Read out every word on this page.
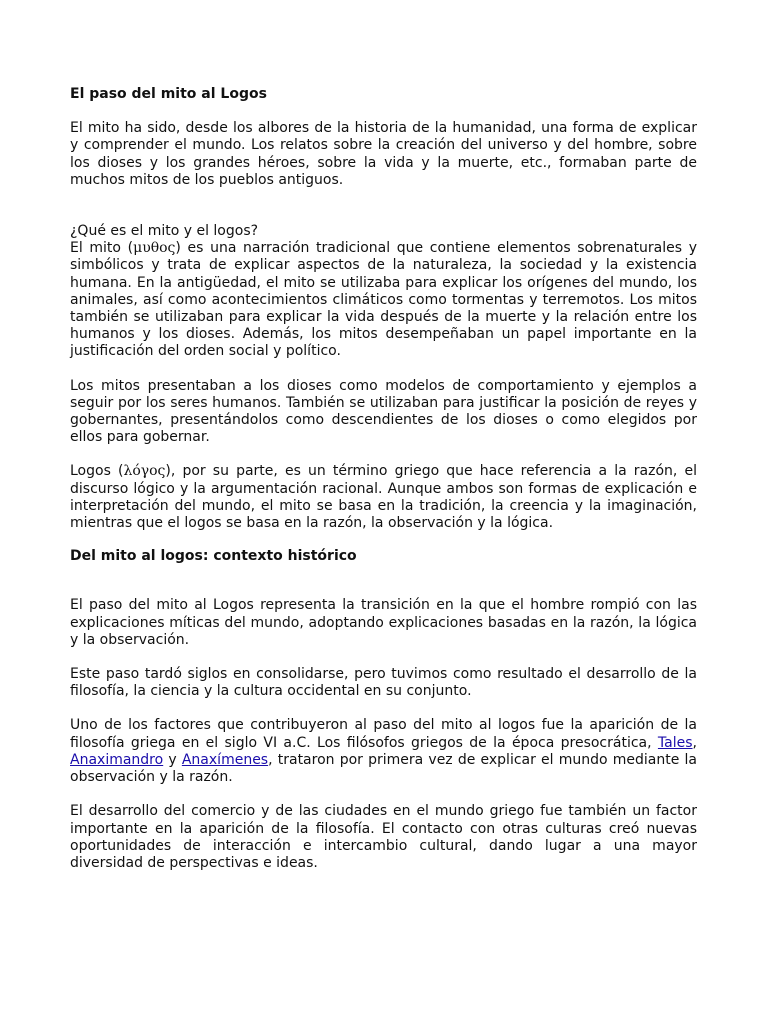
El paso del mito al Logos

El mito ha sido, desde los albores de la historia de la humanidad, una forma de explicar y comprender el mundo. Los relatos sobre la creación del universo y del hombre, sobre los dioses y los grandes héroes, sobre la vida y la muerte, etc., formaban parte de muchos mitos de los pueblos antiguos.

¿Qué es el mito y el logos?

El mito (μυθος) es una narración tradicional que contiene elementos sobrenaturales y simbólicos y trata de explicar aspectos de la naturaleza, la sociedad y la existencia humana. En la antigüedad, el mito se utilizaba para explicar los orígenes del mundo, los animales, así como acontecimientos climáticos como tormentas y terremotos. Los mitos también se utilizaban para explicar la vida después de la muerte y la relación entre los humanos y los dioses. Además, los mitos desempeñaban un papel importante en la justificación del orden social y político.

Los mitos presentaban a los dioses como modelos de comportamiento y ejemplos a seguir por los seres humanos. También se utilizaban para justificar la posición de reyes y gobernantes, presentándolos como descendientes de los dioses o como elegidos por ellos para gobernar.

Logos (λόγος), por su parte, es un término griego que hace referencia a la razón, el discurso lógico y la argumentación racional. Aunque ambos son formas de explicación e interpretación del mundo, el mito se basa en la tradición, la creencia y la imaginación, mientras que el logos se basa en la razón, la observación y la lógica.

Del mito al logos: contexto histórico

El paso del mito al Logos representa la transición en la que el hombre rompió con las explicaciones míticas del mundo, adoptando explicaciones basadas en la razón, la lógica y la observación.

Este paso tardó siglos en consolidarse, pero tuvimos como resultado el desarrollo de la filosofía, la ciencia y la cultura occidental en su conjunto.

Uno de los factores que contribuyeron al paso del mito al logos fue la aparición de la filosofía griega en el siglo VI a.C. Los filósofos griegos de la época presocrática, Tales, Anaximandro y Anaxímenes, trataron por primera vez de explicar el mundo mediante la observación y la razón.

El desarrollo del comercio y de las ciudades en el mundo griego fue también un factor importante en la aparición de la filosofía. El contacto con otras culturas creó nuevas oportunidades de interacción e intercambio cultural, dando lugar a una mayor diversidad de perspectivas e ideas.
